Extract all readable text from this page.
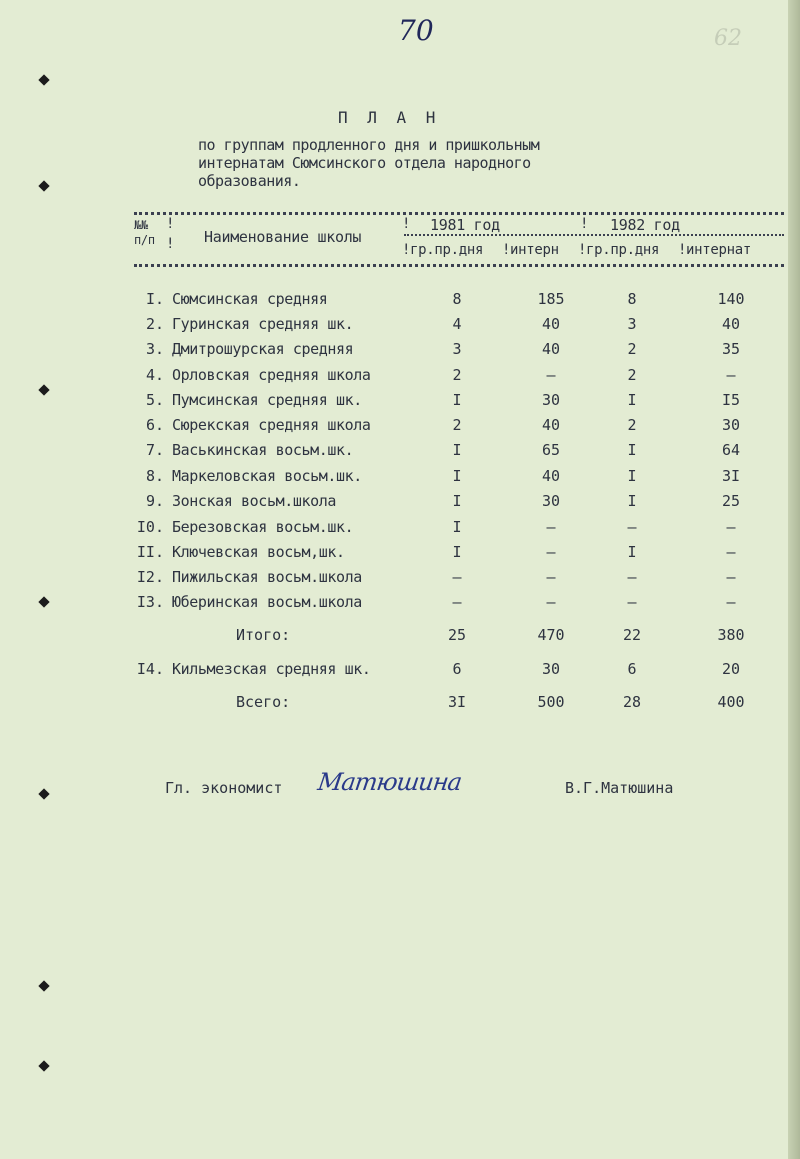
70	62
П Л А Н
по группам продленного дня и пришкольным
интернатам Сюмсинского отдела народного
образования.
№№
п/п
!
! Наименование школы
! 1981 год	! 1982 год
! гр.пр.дня ! интерн ! гр.пр.дня ! интернат
I. Сюмсинская средняя	8	185	8	140
2. Гуринская средняя шк.	4	40	3	40
3. Дмитрошурская средняя	3	40	2	35
4. Орловская средняя школа	2	–	2	–
5. Пумсинская средняя шк.	I	30	I	I5
6. Сюрекская средняя школа	2	40	2	30
7. Васькинская восьм.шк.	I	65	I	64
8. Маркеловская восьм.шк.	I	40	I	3I
9. Зонская восьм.школа	I	30	I	25
I0. Березовская восьм.шк.	I	–	–	–
II. Ключевская восьм,шк.	I	–	I	–
I2. Пижильская восьм.школа	–	–	–	–
I3. Юберинская восьм.школа	–	–	–	–
Итого:	25	470	22	380
I4. Кильмезская средняя шк.	6	30	6	20
Всего:	3I	500	28	400
Гл. экономист Матюшина	В.Г.Матюшина
